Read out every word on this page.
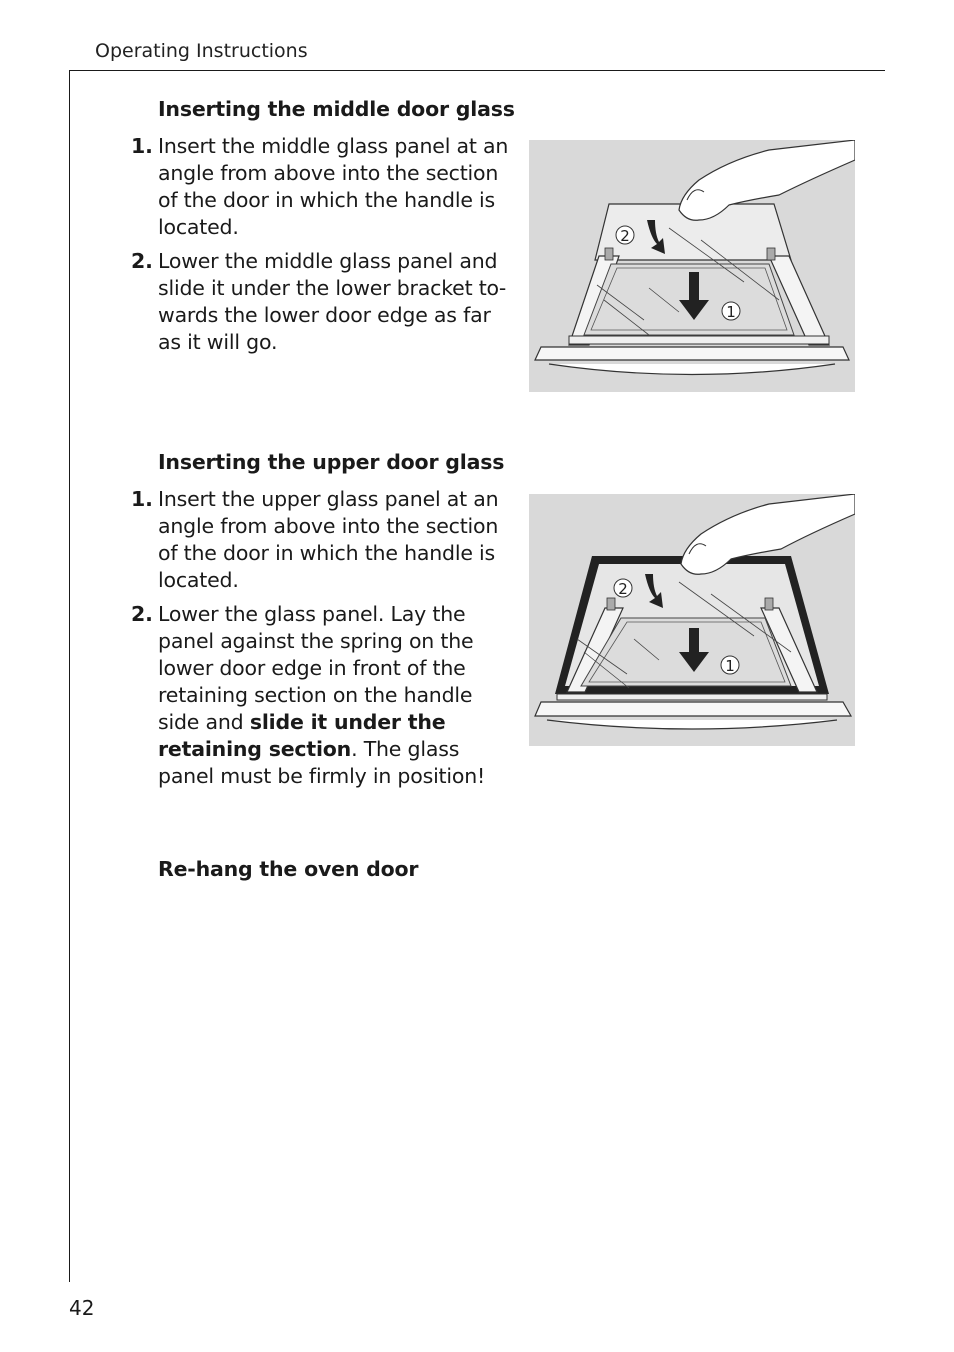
Operating Instructions
Inserting the middle door glass
1. Insert the middle glass panel at an angle from above into the section of the door in which the handle is located.
2. Lower the middle glass panel and slide it under the lower bracket towards the lower door edge as far as it will go.
2
1
Inserting the upper door glass
1. Insert the upper glass panel at an angle from above into the section of the door in which the handle is located.
2. Lower the glass panel. Lay the panel against the spring on the lower door edge in front of the retaining section on the handle side and slide it under the retaining section. The glass panel must be firmly in position!
2
1
Re-hang the oven door
42
